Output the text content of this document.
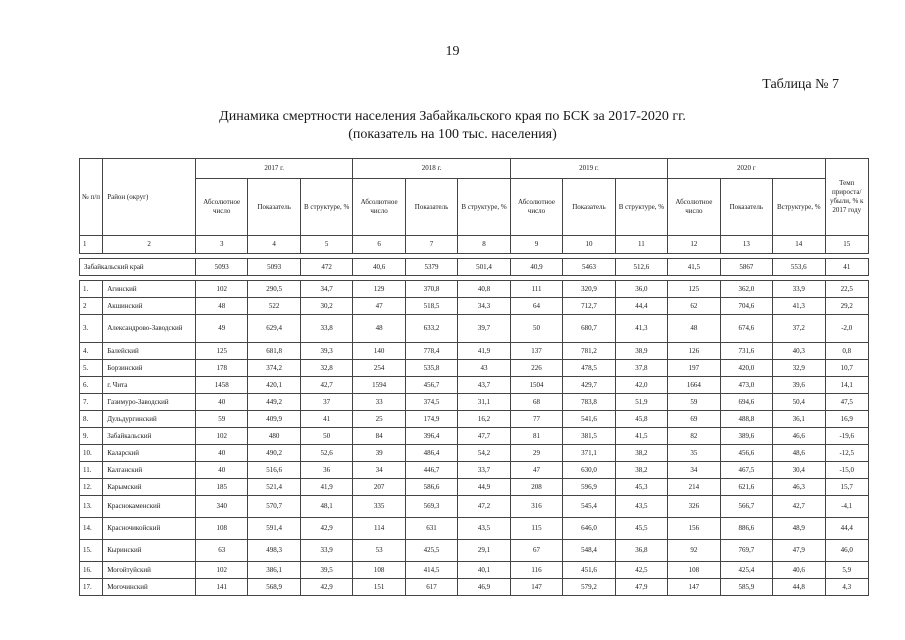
19
Таблица № 7
Динамика смертности населения Забайкальского края по БСК за 2017-2020 гг.
(показатель на 100 тыс. населения)
№ п/п	Район (округ)	2017 г.			2018 г.			2019 г.			2020 г			Темп прироста/ убыли, % к 2017 году
		Абсолютное число	Показатель	В структуре, %	Абсолютное число	Показатель	В структуре, %	Абсолютное число	Показатель	В структуре, %	Абсолютное число	Показатель	Вструктуре, %	
1	2	3	4	5	6	7	8	9	10	11	12	13	14	15

Забайкальский край		5093	5093	472	40,6	5379	501,4	40,9	5463	512,6	41,5	5867	553,6	41

1.	Агинский	102	290,5	34,7	129	370,8	40,8	111	320,9	36,0	125	362,0	33,9	22,5
2	Акшинский	48	522	30,2	47	518,5	34,3	64	712,7	44,4	62	704,6	41,3	29,2
3.	Александрово-Заводский	49	629,4	33,8	48	633,2	39,7	50	680,7	41,3	48	674,6	37,2	-2,0
4.	Балейский	125	681,8	39,3	140	778,4	41,9	137	781,2	38,9	126	731,6	40,3	0,8
5.	Борзинский	178	374,2	32,8	254	535,8	43	226	478,5	37,8	197	420,0	32,9	10,7
6.	г. Чита	1458	420,1	42,7	1594	456,7	43,7	1504	429,7	42,0	1664	473,0	39,6	14,1
7.	Газимуро-Заводский	40	449,2	37	33	374,5	31,1	68	783,8	51,9	59	694,6	50,4	47,5
8.	Дульдургинский	59	409,9	41	25	174,9	16,2	77	541,6	45,8	69	488,8	36,1	16,9
9.	Забайкальский	102	480	50	84	396,4	47,7	81	381,5	41,5	82	389,6	46,6	-19,6
10.	Каларский	40	490,2	52,6	39	486,4	54,2	29	371,1	38,2	35	456,6	48,6	-12,5
11.	Калганский	40	516,6	36	34	446,7	33,7	47	630,0	38,2	34	467,5	30,4	-15,0
12.	Карымский	185	521,4	41,9	207	586,6	44,9	208	596,9	45,3	214	621,6	46,3	15,7
13.	Краснокаменский	340	570,7	48,1	335	569,3	47,2	316	545,4	43,5	326	566,7	42,7	-4,1
14.	Красночикойский	108	591,4	42,9	114	631	43,5	115	646,0	45,5	156	886,6	48,9	44,4
15.	Кыринский	63	498,3	33,9	53	425,5	29,1	67	548,4	36,8	92	769,7	47,9	46,0
16.	Могойтуйский	102	386,1	39,5	108	414,5	40,1	116	451,6	42,5	108	425,4	40,6	5,9
17.	Могочинский	141	568,9	42,9	151	617	46,9	147	579,2	47,9	147	585,9	44,8	4,3
